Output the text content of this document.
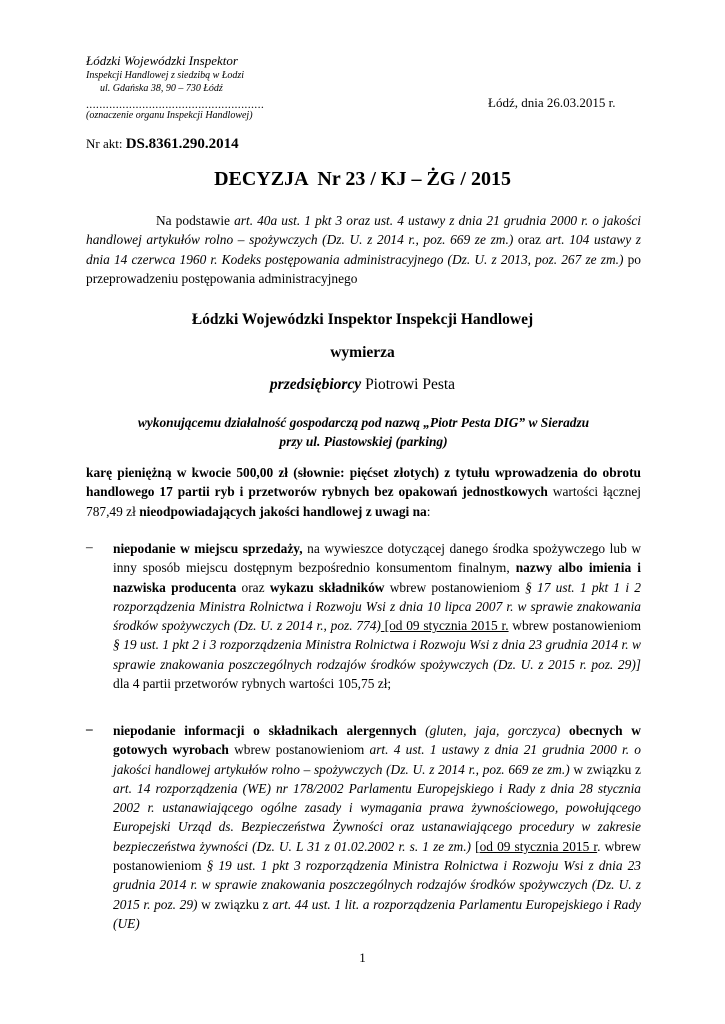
Łódzki Wojewódzki Inspektor
Inspekcji Handlowej z siedzibą w Łodzi
ul. Gdańska 38, 90 – 730 Łódź
......................................................
(oznaczenie organu Inspekcji Handlowej)
Łódź, dnia 26.03.2015 r.
Nr akt: DS.8361.290.2014
DECYZJA  Nr 23 / KJ – ŻG / 2015
Na podstawie art. 40a ust. 1 pkt 3 oraz ust. 4 ustawy z dnia 21 grudnia 2000 r. o jakości handlowej artykułów rolno – spożywczych (Dz. U. z 2014 r., poz. 669 ze zm.) oraz art. 104 ustawy z dnia 14 czerwca 1960 r. Kodeks postępowania administracyjnego (Dz. U. z 2013, poz. 267 ze zm.) po przeprowadzeniu postępowania administracyjnego
Łódzki Wojewódzki Inspektor Inspekcji Handlowej
wymierza
przedsiębiorcy Piotrowi Pesta
wykonującemu działalność gospodarczą pod nazwą „Piotr Pesta DIG” w Sieradzu
przy ul. Piastowskiej (parking)
karę pieniężną w kwocie 500,00 zł (słownie: pięćset złotych) z tytułu wprowadzenia do obrotu handlowego 17 partii ryb i przetworów rybnych bez opakowań jednostkowych wartości łącznej 787,49 zł nieodpowiadających jakości handlowej z uwagi na:
– niepodanie w miejscu sprzedaży, na wywieszce dotyczącej danego środka spożywczego lub w inny sposób miejscu dostępnym bezpośrednio konsumentom finalnym, nazwy albo imienia i nazwiska producenta oraz wykazu składników wbrew postanowieniom § 17 ust. 1 pkt 1 i 2 rozporządzenia Ministra Rolnictwa i Rozwoju Wsi z dnia 10 lipca 2007 r. w sprawie znakowania środków spożywczych (Dz. U. z 2014 r., poz. 774) [od 09 stycznia 2015 r. wbrew postanowieniom § 19 ust. 1 pkt 2 i 3 rozporządzenia Ministra Rolnictwa i Rozwoju Wsi z dnia 23 grudnia 2014 r. w sprawie znakowania poszczególnych rodzajów środków spożywczych (Dz. U. z 2015 r. poz. 29)] dla 4 partii przetworów rybnych wartości 105,75 zł;
– niepodanie informacji o składnikach alergennych (gluten, jaja, gorczyca) obecnych w gotowych wyrobach wbrew postanowieniom art. 4 ust. 1 ustawy z dnia 21 grudnia 2000 r. o jakości handlowej artykułów rolno – spożywczych (Dz. U. z 2014 r., poz. 669 ze zm.) w związku z art. 14 rozporządzenia (WE) nr 178/2002 Parlamentu Europejskiego i Rady z dnia 28 stycznia 2002 r. ustanawiającego ogólne zasady i wymagania prawa żywnościowego, powołującego Europejski Urząd ds. Bezpieczeństwa Żywności oraz ustanawiającego procedury w zakresie bezpieczeństwa żywności (Dz. U. L 31 z 01.02.2002 r. s. 1 ze zm.) [od 09 stycznia 2015 r. wbrew postanowieniom § 19 ust. 1 pkt 3 rozporządzenia Ministra Rolnictwa i Rozwoju Wsi z dnia 23 grudnia 2014 r. w sprawie znakowania poszczególnych rodzajów środków spożywczych (Dz. U. z 2015 r. poz. 29) w związku z art. 44 ust. 1 lit. a rozporządzenia Parlamentu Europejskiego i Rady (UE)
1
